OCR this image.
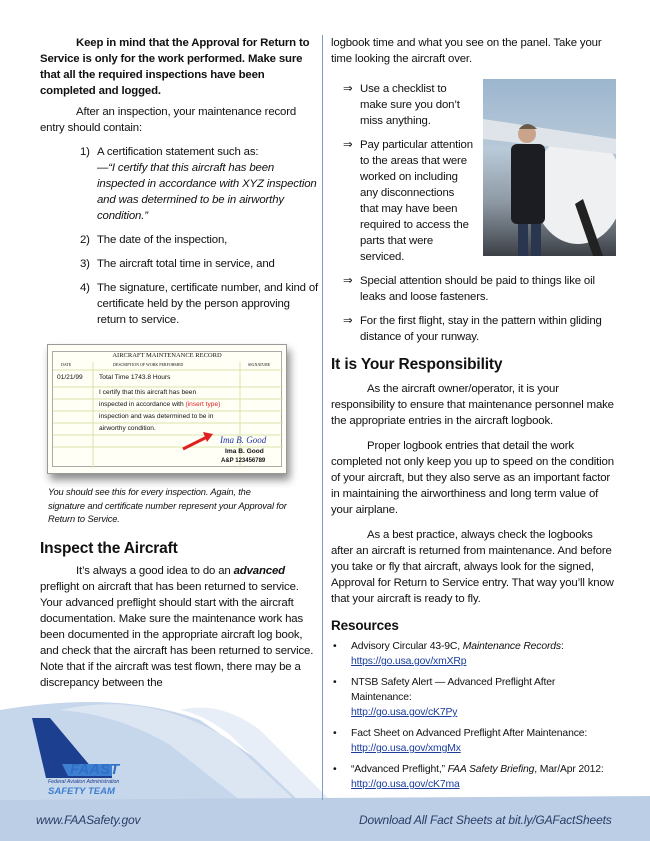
Keep in mind that the Approval for Return to Service is only for the work performed. Make sure that all the required inspections have been completed and logged.

After an inspection, your maintenance record entry should contain:

1) A certification statement such as:
—“I certify that this aircraft has been inspected in accordance with XYZ inspection and was determined to be in airworthy condition.”
2) The date of the inspection,
3) The aircraft total time in service, and
4) The signature, certificate number, and kind of certificate held by the person approving return to service.
AIRCRAFT MAINTENANCE RECORD
DATE	DESCRIPTION OF WORK PERFORMED	SIGNATURE
01/21/99 Total Time 1743.8 Hours
I certify that this aircraft has been
inspected in accordance with (insert type)
inspection and was determined to be in
airworthy condition.
Ima B. Good
Ima B. Good
A&P 123456789

You should see this for every inspection. Again, the signature and certificate number represent your Approval for Return to Service.

Inspect the Aircraft

It’s always a good idea to do an advanced preflight on aircraft that has been returned to service. Your advanced preflight should start with the aircraft documentation. Make sure the maintenance work has been documented in the appropriate aircraft log book, and check that the aircraft has been returned to service. Note that if the aircraft was test flown, there may be a discrepancy between the

logbook time and what you see on the panel. Take your time looking the aircraft over.

⇒ Use a checklist to make sure you don’t miss anything.
⇒ Pay particular attention to the areas that were worked on including any disconnections that may have been required to access the parts that were serviced.
⇒ Special attention should be paid to things like oil leaks and loose fasteners.
⇒ For the first flight, stay in the pattern within gliding distance of your runway.
It is Your Responsibility

As the aircraft owner/operator, it is your responsibility to ensure that maintenance personnel make the appropriate entries in the aircraft logbook.

Proper logbook entries that detail the work completed not only keep you up to speed on the condition of your aircraft, but they also serve as an important factor in maintaining the airworthiness and long term value of your airplane.

As a best practice, always check the logbooks after an aircraft is returned from maintenance. And before you take or fly that aircraft, always look for the signed, Approval for Return to Service entry. That way you’ll know that your aircraft is ready to fly.

Resources
• Advisory Circular 43-9C, Maintenance Records:
https://go.usa.gov/xmXRp
• NTSB Safety Alert — Advanced Preflight After Maintenance:
http://go.usa.gov/cK7Py
• Fact Sheet on Advanced Preflight After Maintenance:
http://go.usa.gov/xmgMx
• “Advanced Preflight,” FAA Safety Briefing, Mar/Apr 2012:
http://go.usa.gov/cK7ma
FAAST
Federal Aviation Administration
SAFETY TEAM
www.FAASafety.gov	Download All Fact Sheets at bit.ly/GAFactSheets
